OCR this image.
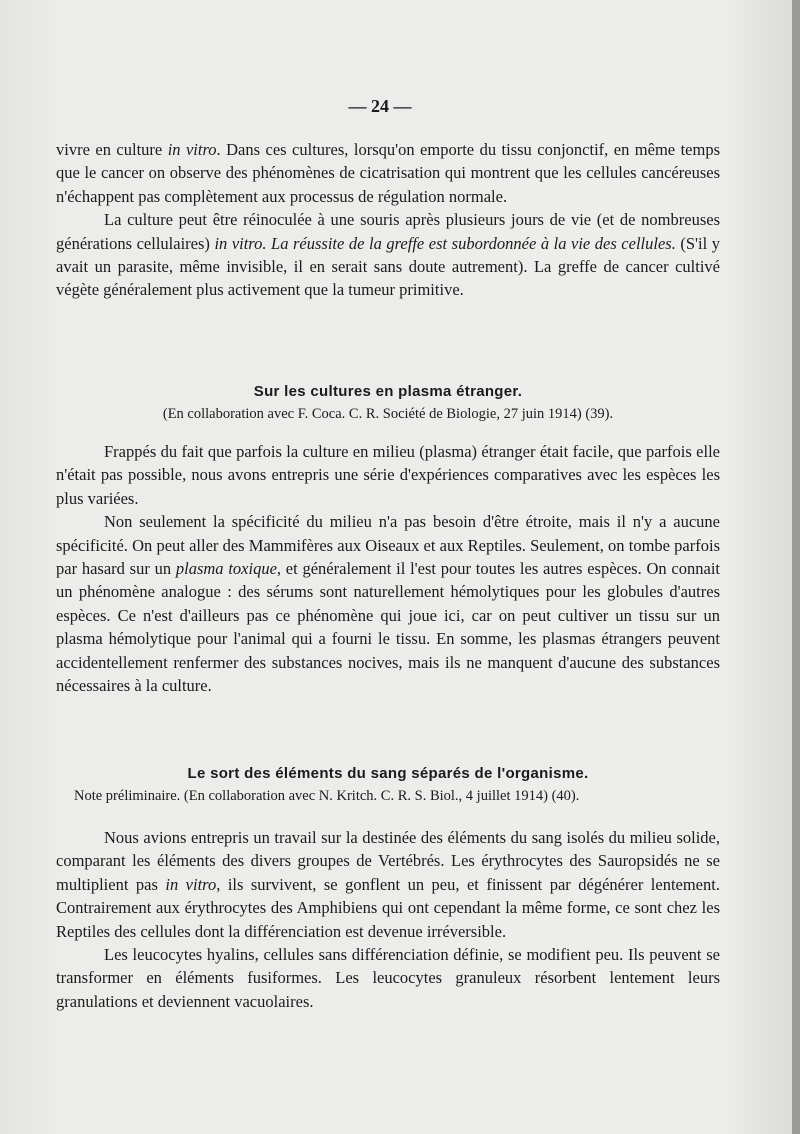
— 24 —

vivre en culture in vitro. Dans ces cultures, lorsqu'on emporte du tissu conjonctif, en même temps que le cancer on observe des phénomènes de cicatrisation qui montrent que les cellules cancéreuses n'échappent pas complètement aux processus de régulation normale.

La culture peut être réinoculée à une souris après plusieurs jours de vie (et de nombreuses générations cellulaires) in vitro. La réussite de la greffe est subordonnée à la vie des cellules. (S'il y avait un parasite, même invisible, il en serait sans doute autrement). La greffe de cancer cultivé végète généralement plus activement que la tumeur primitive.

Sur les cultures en plasma étranger.

(En collaboration avec F. Coca. C. R. Société de Biologie, 27 juin 1914) (39).

Frappés du fait que parfois la culture en milieu (plasma) étranger était facile, que parfois elle n'était pas possible, nous avons entrepris une série d'expériences comparatives avec les espèces les plus variées.

Non seulement la spécificité du milieu n'a pas besoin d'être étroite, mais il n'y a aucune spécificité. On peut aller des Mammifères aux Oiseaux et aux Reptiles. Seulement, on tombe parfois par hasard sur un plasma toxique, et généralement il l'est pour toutes les autres espèces. On connait un phénomène analogue : des sérums sont naturellement hémolytiques pour les globules d'autres espèces. Ce n'est d'ailleurs pas ce phénomène qui joue ici, car on peut cultiver un tissu sur un plasma hémolytique pour l'animal qui a fourni le tissu. En somme, les plasmas étrangers peuvent accidentellement renfermer des substances nocives, mais ils ne manquent d'aucune des substances nécessaires à la culture.

Le sort des éléments du sang séparés de l'organisme.

Note préliminaire. (En collaboration avec N. Kritch. C. R. S. Biol., 4 juillet 1914) (40).

Nous avions entrepris un travail sur la destinée des éléments du sang isolés du milieu solide, comparant les éléments des divers groupes de Vertébrés. Les érythrocytes des Sauropsidés ne se multiplient pas in vitro, ils survivent, se gonflent un peu, et finissent par dégénérer lentement. Contrairement aux érythrocytes des Amphibiens qui ont cependant la même forme, ce sont chez les Reptiles des cellules dont la différenciation est devenue irréversible.

Les leucocytes hyalins, cellules sans différenciation définie, se modifient peu. Ils peuvent se transformer en éléments fusiformes. Les leucocytes granuleux résorbent lentement leurs granulations et deviennent vacuolaires.
